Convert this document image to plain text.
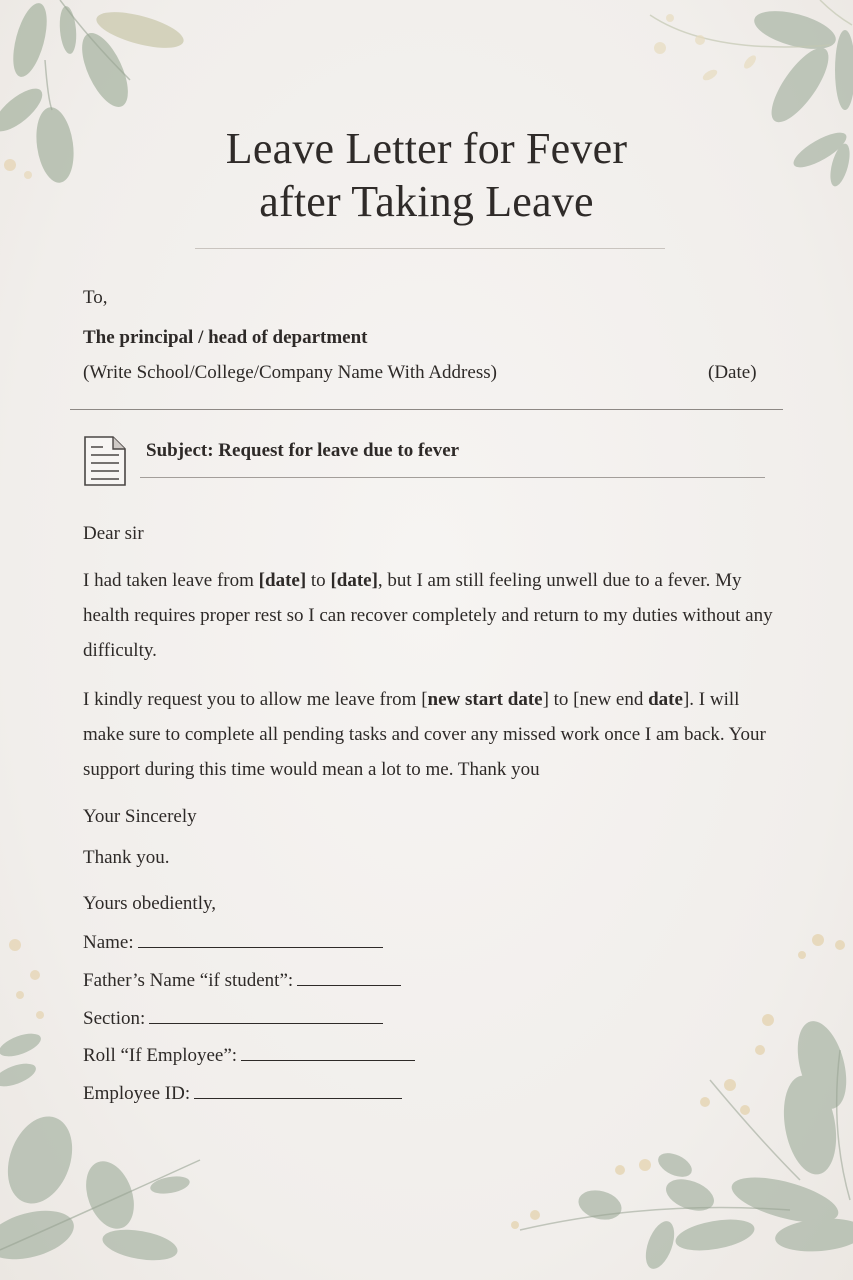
Leave Letter for Fever
after Taking Leave
To,
The principal / head of department
(Write School/College/Company Name With Address)	(Date)
Subject: Request for leave due to fever
Dear sir
I had taken leave from [date] to [date], but I am still feeling unwell due to a fever. My health requires proper rest so I can recover completely and return to my duties without any difficulty.
I kindly request you to allow me leave from [new start date] to [new end date]. I will make sure to complete all pending tasks and cover any missed work once I am back. Your support during this time would mean a lot to me. Thank you
Your Sincerely
Thank you.
Yours obediently,
Name:
Father’s Name “if student”:
Section:
Roll “If Employee”:
Employee ID:
